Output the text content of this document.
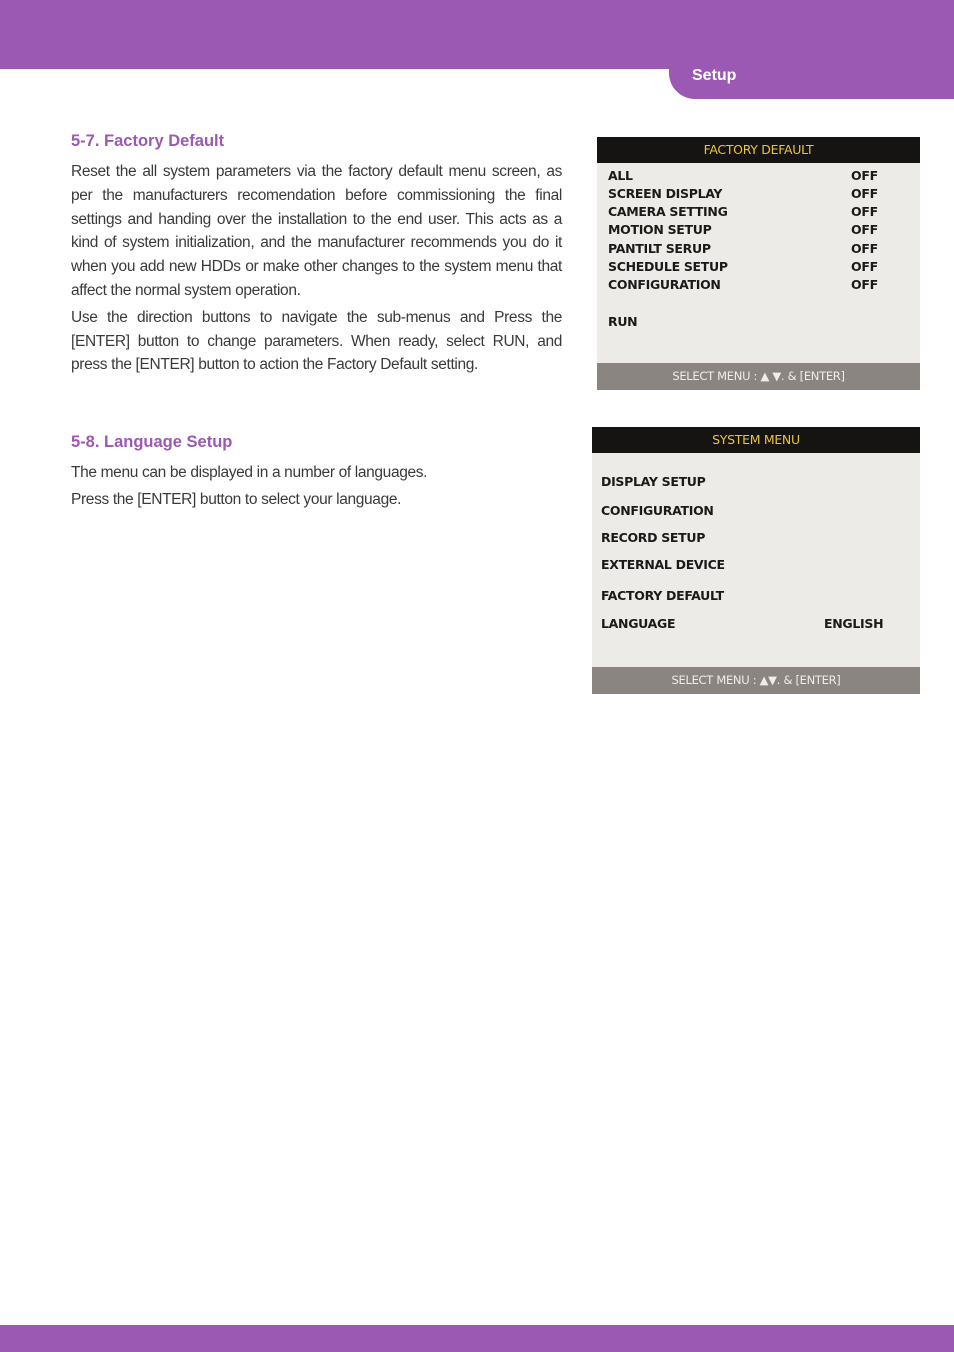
Setup
5-7. Factory Default

Reset the all system parameters via the factory default menu screen, as per the manufacturers recomendation before commissioning the final settings and handing over the installation to the end user. This acts as a kind of system initialization, and the manufacturer recommends you do it when you add new HDDs or make other changes to the system menu that affect the normal system operation.

Use the direction buttons to navigate the sub-menus and Press the [ENTER] button to change parameters. When ready, select RUN, and press the [ENTER] button to action the Factory Default setting.

5-8. Language Setup

The menu can be displayed in a number of languages.

Press the [ENTER] button to select your language.

FACTORY DEFAULT
ALL	OFF
SCREEN DISPLAY	OFF
CAMERA SETTING	OFF
MOTION SETUP	OFF
PANTILT SERUP	OFF
SCHEDULE SETUP	OFF
CONFIGURATION	OFF
RUN
SELECT MENU : ▲ ▼. & [ENTER]
SYSTEM MENU
DISPLAY SETUP
CONFIGURATION
RECORD SETUP
EXTERNAL DEVICE
FACTORY DEFAULT
LANGUAGE	ENGLISH
SELECT MENU : ▲▼. & [ENTER]
